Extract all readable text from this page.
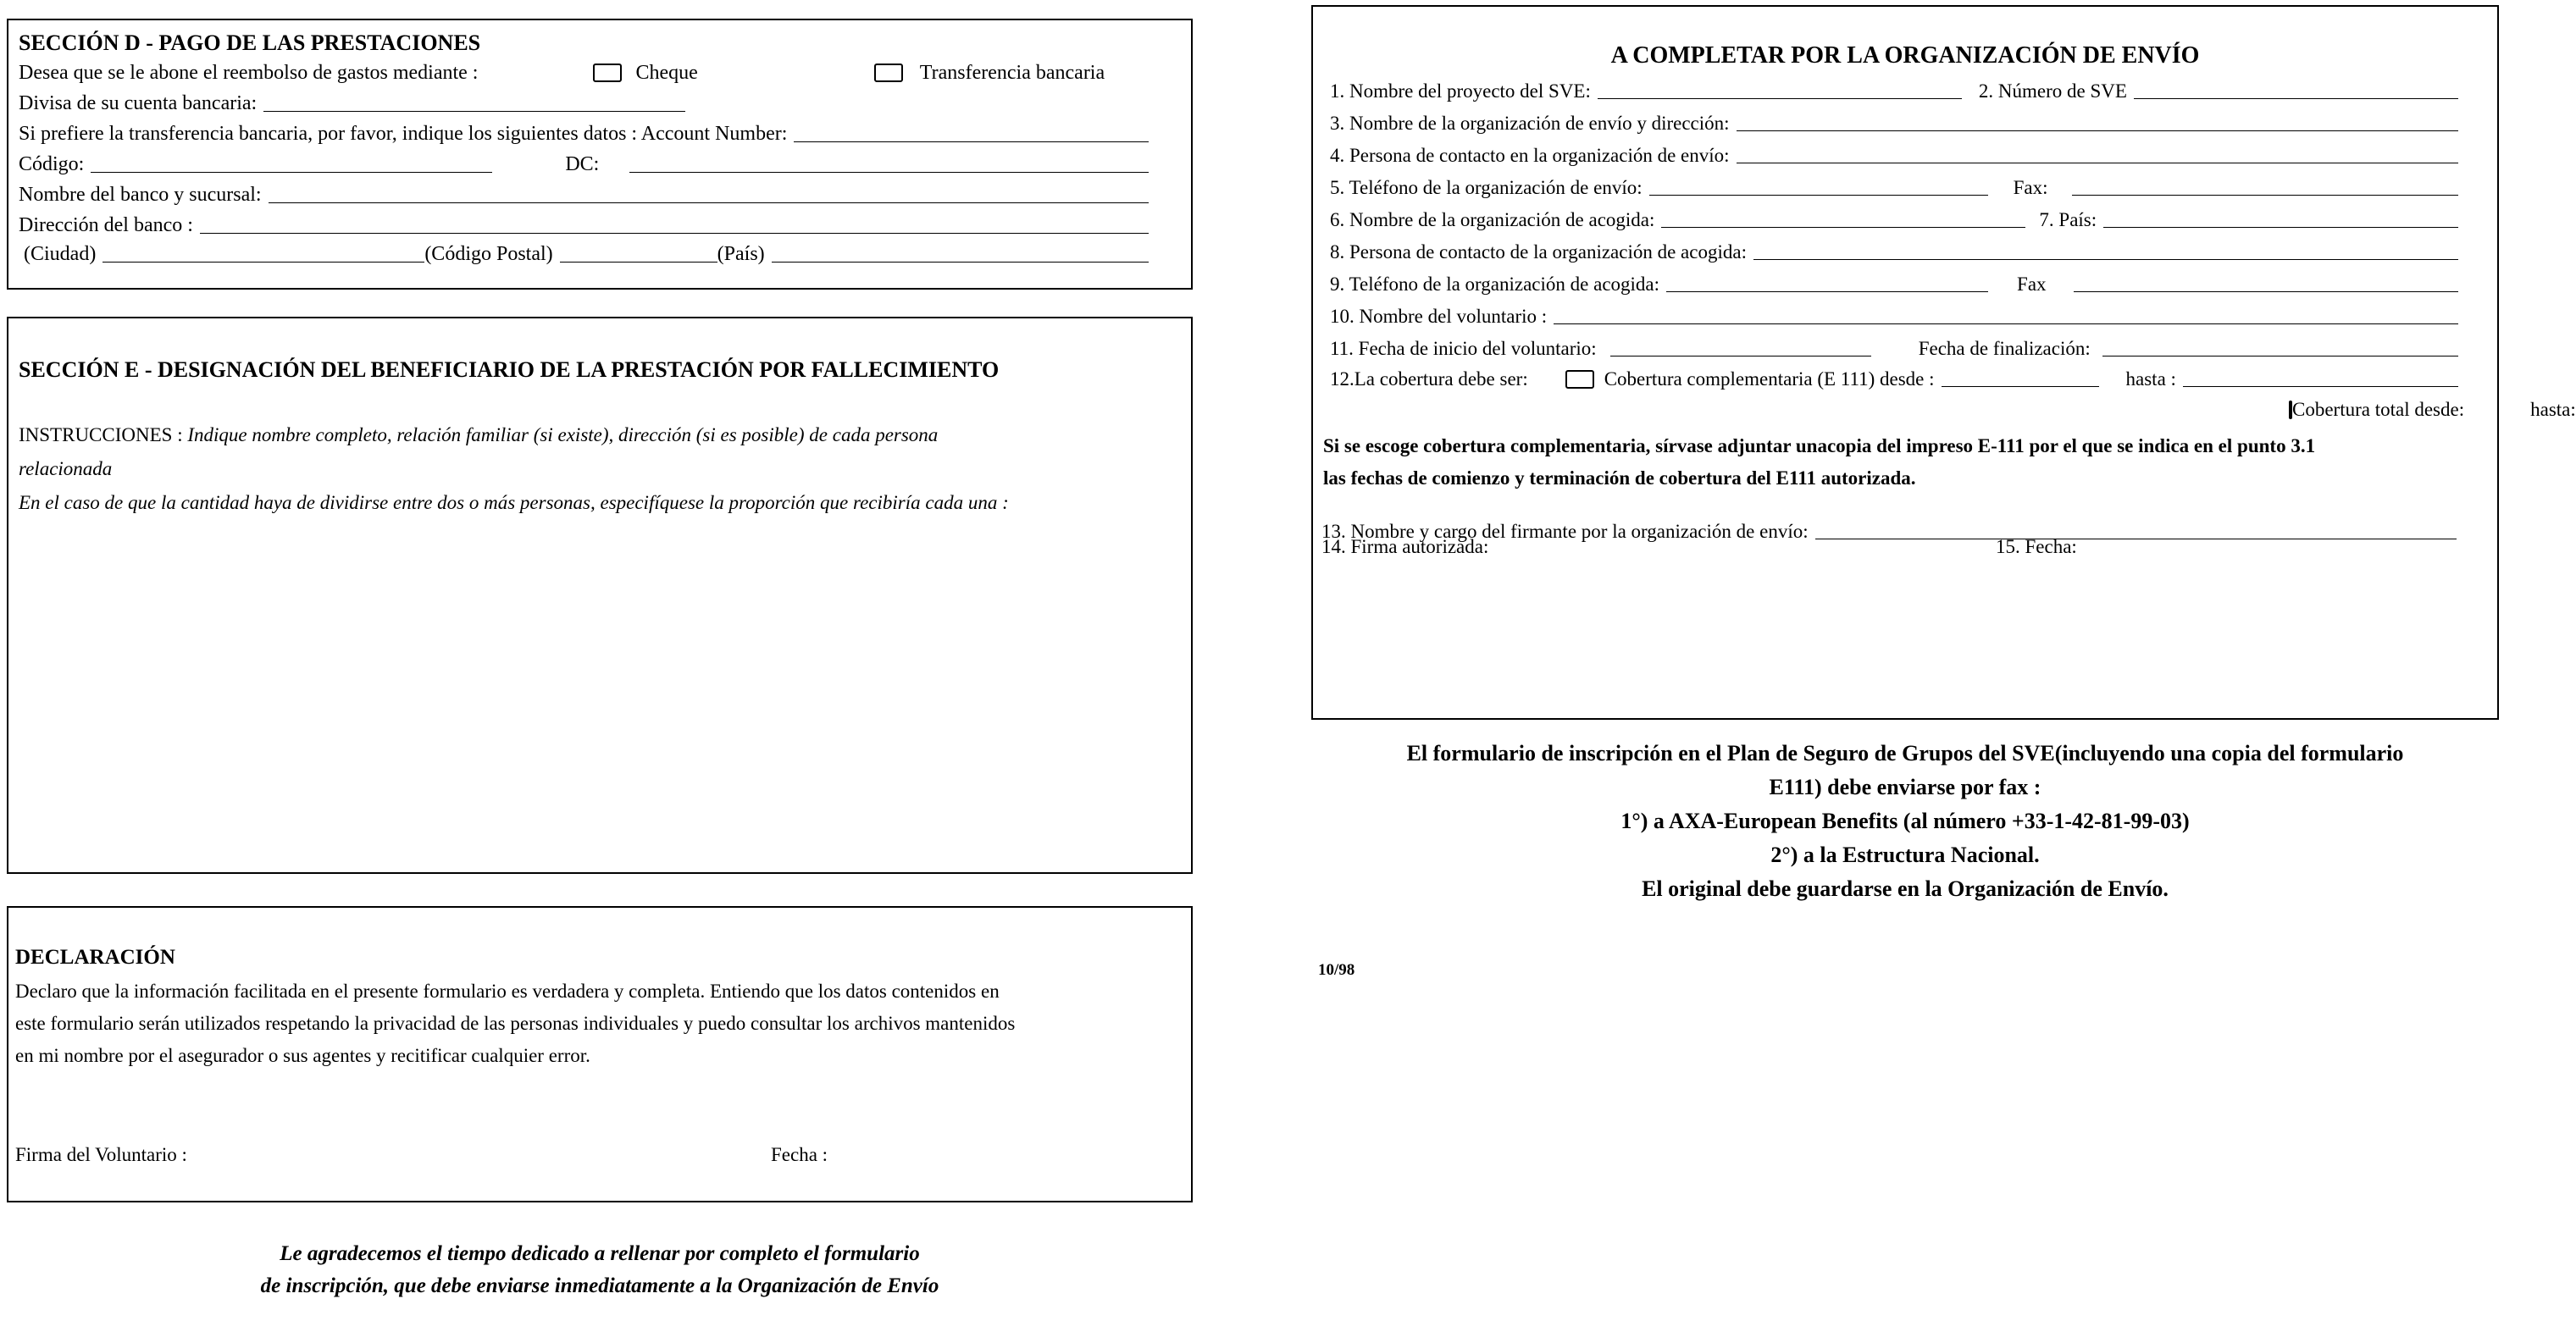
SECCIÓN D - PAGO DE LAS PRESTACIONES
Desea que se le abone el reembolso de gastos mediante :	Cheque	Transferencia bancaria
Divisa de su cuenta bancaria:
Si prefiere la transferencia bancaria, por favor, indique los siguientes datos : Account Number:
Código:	DC:
Nombre del banco y sucursal:
Dirección del banco :
(Ciudad)	(Código Postal)	(País)
SECCIÓN E - DESIGNACIÓN DEL BENEFICIARIO DE LA PRESTACIÓN POR FALLECIMIENTO
INSTRUCCIONES : Indique nombre completo, relación familiar (si existe), dirección (si es posible) de cada persona
relacionada
En el caso de que la cantidad haya de dividirse entre dos o más personas, especifíquese la proporción que recibiría cada una :
DECLARACIÓN
Declaro que la información facilitada en el presente formulario es verdadera y completa. Entiendo que los datos contenidos en
este formulario serán utilizados respetando la privacidad de las personas individuales y puedo consultar los archivos mantenidos
en mi nombre por el asegurador o sus agentes y recitificar cualquier error.
Firma del Voluntario :	Fecha :
Le agradecemos el tiempo dedicado a rellenar por completo el formulario
de inscripción, que debe enviarse inmediatamente a la Organización de Envío
A COMPLETAR POR LA ORGANIZACIÓN DE ENVÍO
1. Nombre del proyecto del SVE:	2. Número de SVE
3. Nombre de la organización de envío y dirección:
4. Persona de contacto en la organización de envío:
5. Teléfono de la organización de envío:	Fax:
6. Nombre de la organización de acogida:	7. País:
8. Persona de contacto de la organización de acogida:
9. Teléfono de la organización de acogida:	Fax
10. Nombre del voluntario :
11. Fecha de inicio del voluntario:	Fecha de finalización:
12.La cobertura debe ser:	Cobertura complementaria (E 111) desde :	hasta :
Cobertura total desde:	hasta:
Si se escoge cobertura complementaria, sírvase adjuntar unacopia del impreso E-111 por el que se indica en el punto 3.1
las fechas de comienzo y terminación de cobertura del E111 autorizada.
13. Nombre y cargo del firmante por la organización de envío:
14. Firma autorizada:	15. Fecha:
El formulario de inscripción en el Plan de Seguro de Grupos del SVE(incluyendo una copia del formulario
E111) debe enviarse por fax :
1°) a AXA-European Benefits (al número +33-1-42-81-99-03)
2°) a la Estructura Nacional.
El original debe guardarse en la Organización de Envío.
10/98
